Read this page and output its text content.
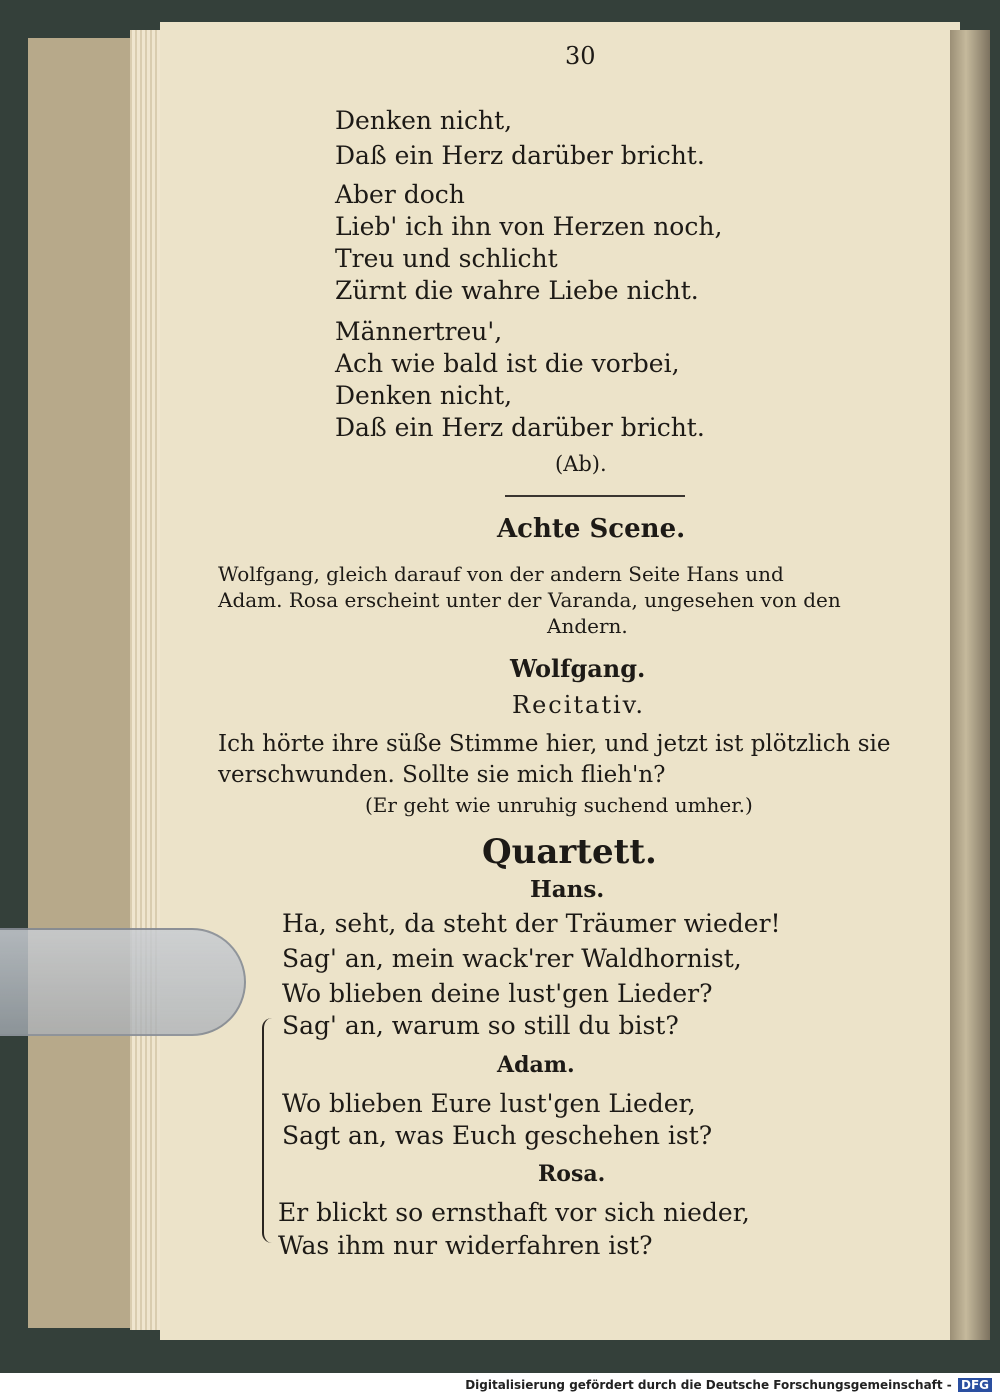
30
Denken nicht,
Daß ein Herz darüber bricht.
Aber doch
Lieb' ich ihn von Herzen noch,
Treu und schlicht
Zürnt die wahre Liebe nicht.
Männertreu',
Ach wie bald ist die vorbei,
Denken nicht,
Daß ein Herz darüber bricht.
(Ab).
Achte Scene.
Wolfgang, gleich darauf von der andern Seite Hans und
Adam. Rosa erscheint unter der Varanda, ungesehen von den
Andern.
Wolfgang.
Recitativ.
Ich hörte ihre süße Stimme hier, und jetzt ist plötzlich sie
verschwunden. Sollte sie mich flieh'n?
(Er geht wie unruhig suchend umher.)
Quartett.
Hans.
Ha, seht, da steht der Träumer wieder!
Sag' an, mein wack'rer Waldhornist,
Wo blieben deine lust'gen Lieder?
Sag' an, warum so still du bist?
Adam.
Wo blieben Eure lust'gen Lieder,
Sagt an, was Euch geschehen ist?
Rosa.
Er blickt so ernsthaft vor sich nieder,
Was ihm nur widerfahren ist?
Digitalisierung gefördert durch die Deutsche Forschungsgemeinschaft - DFG
